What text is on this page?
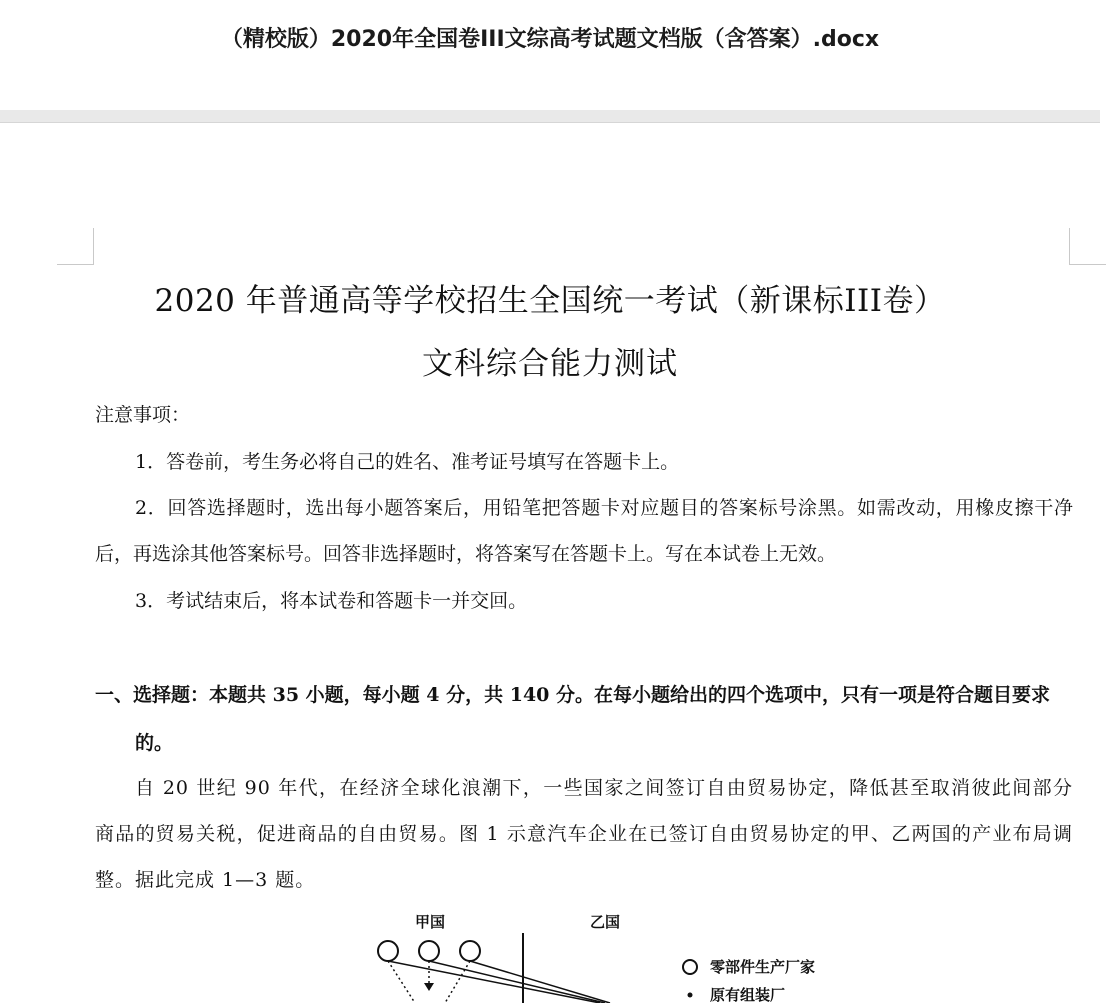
（精校版）2020年全国卷III文综高考试题文档版（含答案）.docx
2020 年普通高等学校招生全国统一考试（新课标III卷）
文科综合能力测试
注意事项：
1．答卷前，考生务必将自己的姓名、准考证号填写在答题卡上。
2．回答选择题时，选出每小题答案后，用铅笔把答题卡对应题目的答案标号涂黑。如需改动，用橡皮擦干净后，再选涂其他答案标号。回答非选择题时，将答案写在答题卡上。写在本试卷上无效。
3．考试结束后，将本试卷和答题卡一并交回。
一、选择题：本题共 35 小题，每小题 4 分，共 140 分。在每小题给出的四个选项中，只有一项是符合题目要求的。
自 20 世纪 90 年代，在经济全球化浪潮下，一些国家之间签订自由贸易协定，降低甚至取消彼此间部分商品的贸易关税，促进商品的自由贸易。图 1 示意汽车企业在已签订自由贸易协定的甲、乙两国的产业布局调整。据此完成 1—3 题。
甲国	乙国
零部件生产厂家
原有组装厂
